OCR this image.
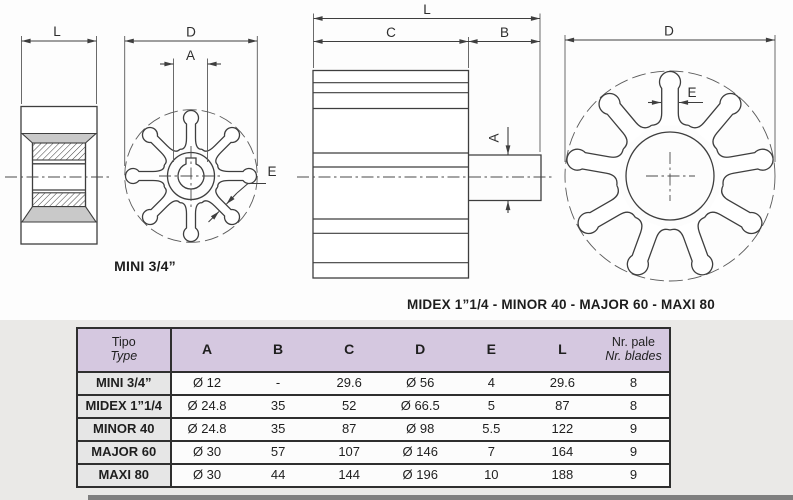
L	D
A
E
L
C	B
A
D
E
MINI 3/4”
MIDEX 1”1/4 - MINOR 40 - MAJOR 60 - MAXI 80
Tipo
Type	A	B	C	D	E	L	Nr. pale
Nr. blades
MINI 3/4”	Ø 12	-	29.6	Ø 56	4	29.6	8
MIDEX 1”1/4	Ø 24.8	35	52	Ø 66.5	5	87	8
MINOR 40	Ø 24.8	35	87	Ø 98	5.5	122	9
MAJOR 60	Ø 30	57	107	Ø 146	7	164	9
MAXI 80	Ø 30	44	144	Ø 196	10	188	9
